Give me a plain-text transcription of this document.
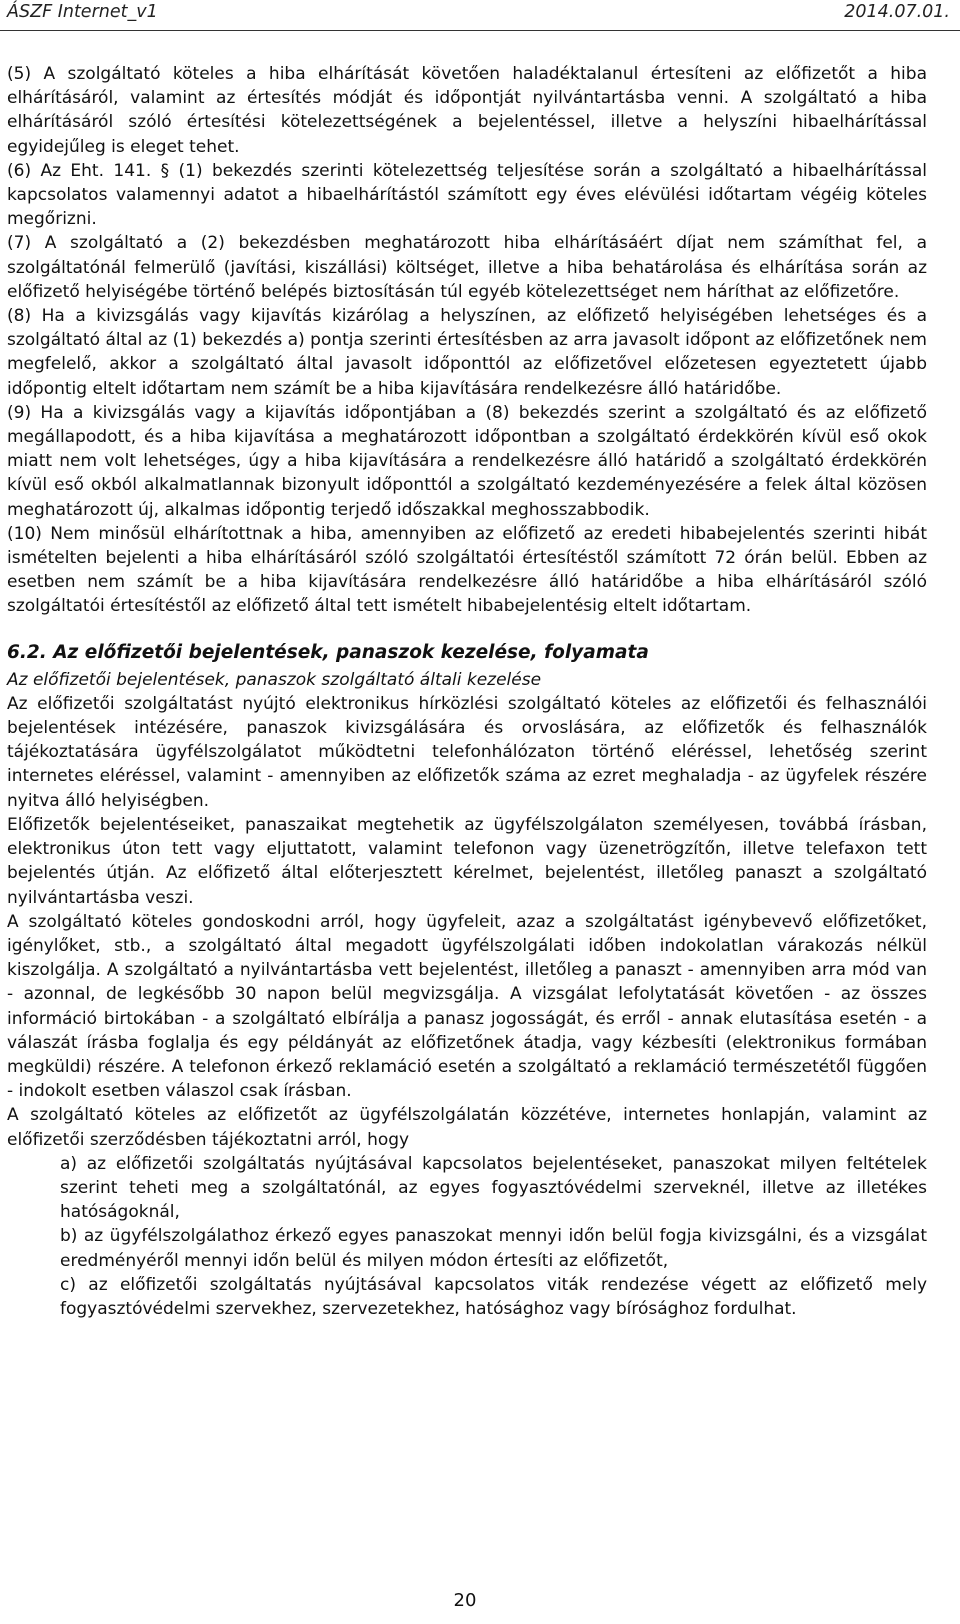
ÁSZF Internet_v1	2014.07.01.

(5) A szolgáltató köteles a hiba elhárítását követően haladéktalanul értesíteni az előfizetőt a hiba elhárításáról, valamint az értesítés módját és időpontját nyilvántartásba venni. A szolgáltató a hiba elhárításáról szóló értesítési kötelezettségének a bejelentéssel, illetve a helyszíni hibaelhárítással egyidejűleg is eleget tehet.

(6) Az Eht. 141. § (1) bekezdés szerinti kötelezettség teljesítése során a szolgáltató a hibaelhárítással kapcsolatos valamennyi adatot a hibaelhárítástól számított egy éves elévülési időtartam végéig köteles megőrizni.

(7) A szolgáltató a (2) bekezdésben meghatározott hiba elhárításáért díjat nem számíthat fel, a szolgáltatónál felmerülő (javítási, kiszállási) költséget, illetve a hiba behatárolása és elhárítása során az előfizető helyiségébe történő belépés biztosításán túl egyéb kötelezettséget nem háríthat az előfizetőre.

(8) Ha a kivizsgálás vagy kijavítás kizárólag a helyszínen, az előfizető helyiségében lehetséges és a szolgáltató által az (1) bekezdés a) pontja szerinti értesítésben az arra javasolt időpont az előfizetőnek nem megfelelő, akkor a szolgáltató által javasolt időponttól az előfizetővel előzetesen egyeztetett újabb időpontig eltelt időtartam nem számít be a hiba kijavítására rendelkezésre álló határidőbe.

(9) Ha a kivizsgálás vagy a kijavítás időpontjában a (8) bekezdés szerint a szolgáltató és az előfizető megállapodott, és a hiba kijavítása a meghatározott időpontban a szolgáltató érdekkörén kívül eső okok miatt nem volt lehetséges, úgy a hiba kijavítására a rendelkezésre álló határidő a szolgáltató érdekkörén kívül eső okból alkalmatlannak bizonyult időponttól a szolgáltató kezdeményezésére a felek által közösen meghatározott új, alkalmas időpontig terjedő időszakkal meghosszabbodik.

(10) Nem minősül elhárítottnak a hiba, amennyiben az előfizető az eredeti hibabejelentés szerinti hibát ismételten bejelenti a hiba elhárításáról szóló szolgáltatói értesítéstől számított 72 órán belül. Ebben az esetben nem számít be a hiba kijavítására rendelkezésre álló határidőbe a hiba elhárításáról szóló szolgáltatói értesítéstől az előfizető által tett ismételt hibabejelentésig eltelt időtartam.

6.2. Az előfizetői bejelentések, panaszok kezelése, folyamata

Az előfizetői bejelentések, panaszok szolgáltató általi kezelése

Az előfizetői szolgáltatást nyújtó elektronikus hírközlési szolgáltató köteles az előfizetői és felhasználói bejelentések intézésére, panaszok kivizsgálására és orvoslására, az előfizetők és felhasználók tájékoztatására ügyfélszolgálatot működtetni telefonhálózaton történő eléréssel, lehetőség szerint internetes eléréssel, valamint - amennyiben az előfizetők száma az ezret meghaladja - az ügyfelek részére nyitva álló helyiségben.

Előfizetők bejelentéseiket, panaszaikat megtehetik az ügyfélszolgálaton személyesen, továbbá írásban, elektronikus úton tett vagy eljuttatott, valamint telefonon vagy üzenetrögzítőn, illetve telefaxon tett bejelentés útján. Az előfizető által előterjesztett kérelmet, bejelentést, illetőleg panaszt a szolgáltató nyilvántartásba veszi.

A szolgáltató köteles gondoskodni arról, hogy ügyfeleit, azaz a szolgáltatást igénybevevő előfizetőket, igénylőket, stb., a szolgáltató által megadott ügyfélszolgálati időben indokolatlan várakozás nélkül kiszolgálja. A szolgáltató a nyilvántartásba vett bejelentést, illetőleg a panaszt - amennyiben arra mód van - azonnal, de legkésőbb 30 napon belül megvizsgálja. A vizsgálat lefolytatását követően - az összes információ birtokában - a szolgáltató elbírálja a panasz jogosságát, és erről - annak elutasítása esetén - a válaszát írásba foglalja és egy példányát az előfizetőnek átadja, vagy kézbesíti (elektronikus formában megküldi) részére. A telefonon érkező reklamáció esetén a szolgáltató a reklamáció természetétől függően - indokolt esetben válaszol csak írásban.

A szolgáltató köteles az előfizetőt az ügyfélszolgálatán közzétéve, internetes honlapján, valamint az előfizetői szerződésben tájékoztatni arról, hogy

a) az előfizetői szolgáltatás nyújtásával kapcsolatos bejelentéseket, panaszokat milyen feltételek szerint teheti meg a szolgáltatónál, az egyes fogyasztóvédelmi szerveknél, illetve az illetékes hatóságoknál,
b) az ügyfélszolgálathoz érkező egyes panaszokat mennyi időn belül fogja kivizsgálni, és a vizsgálat eredményéről mennyi időn belül és milyen módon értesíti az előfizetőt,
c) az előfizetői szolgáltatás nyújtásával kapcsolatos viták rendezése végett az előfizető mely fogyasztóvédelmi szervekhez, szervezetekhez, hatósághoz vagy bírósághoz fordulhat.
20
